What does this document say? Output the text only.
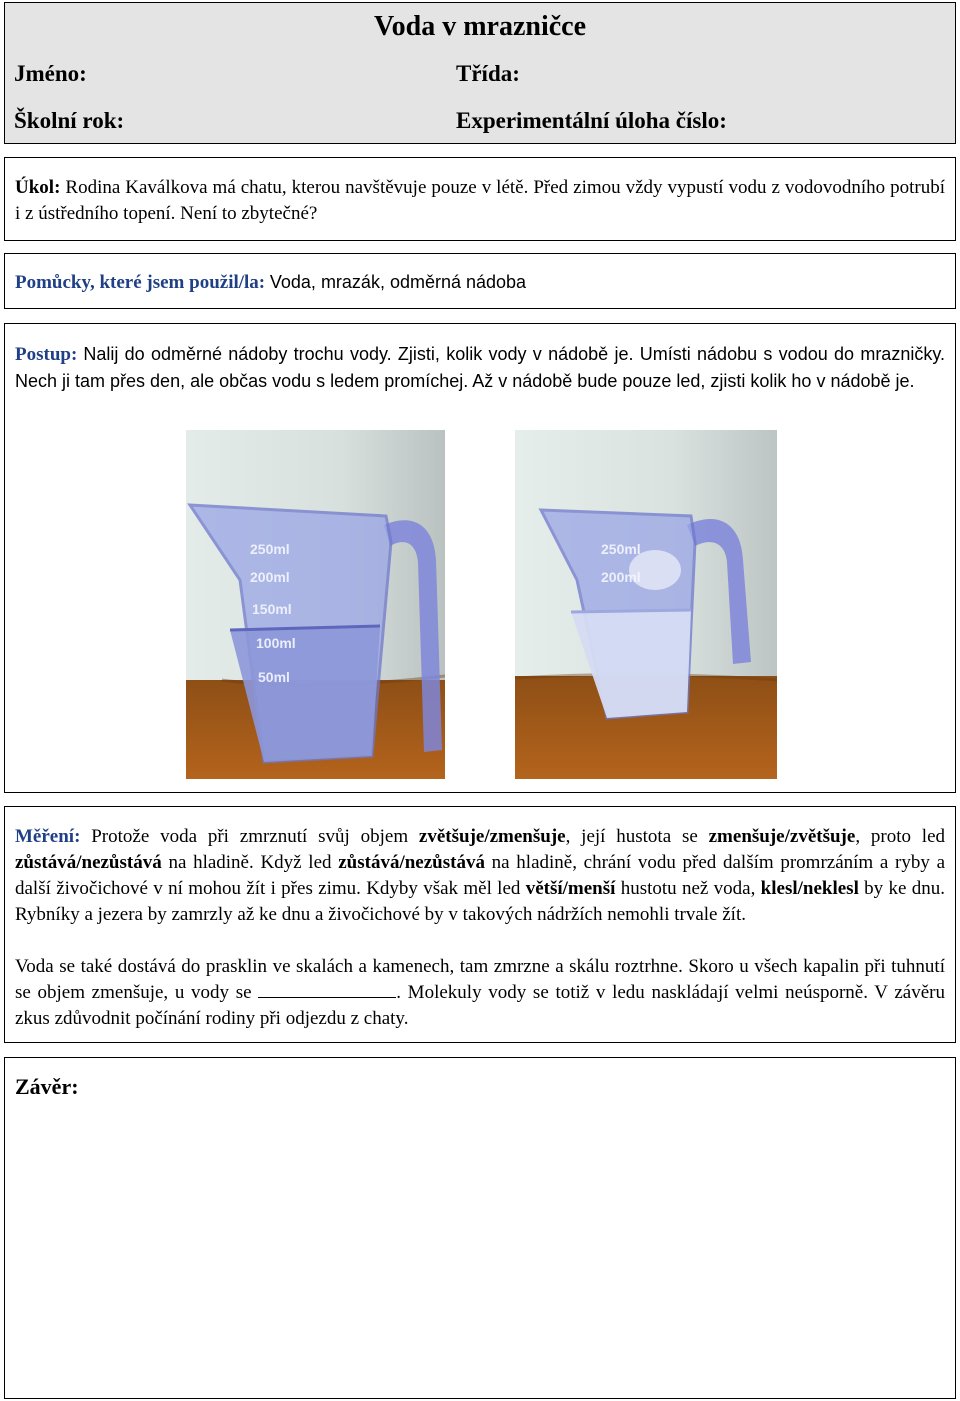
Voda v mrazničce
Jméno:	Třída:
Školní rok:	Experimentální úloha číslo:
Úkol: Rodina Kaválkova má chatu, kterou navštěvuje pouze v létě. Před zimou vždy vypustí vodu z vodovodního potrubí i z ústředního topení. Není to zbytečné?
Pomůcky, které jsem použil/la: Voda, mrazák, odměrná nádoba
Postup: Nalij do odměrné nádoby trochu vody. Zjisti, kolik vody v nádobě je. Umísti nádobu s vodou do mrazničky. Nech ji tam přes den, ale občas vodu s ledem promíchej. Až v nádobě bude pouze led, zjisti kolik ho v nádobě je.
250ml
200ml
150ml
100ml
50ml
250ml
200ml
Měření: Protože voda při zmrznutí svůj objem zvětšuje/zmenšuje, její hustota se zmenšuje/zvětšuje, proto led zůstává/nezůstává na hladině. Když led zůstává/nezůstává na hladině, chrání vodu před dalším promrzáním a ryby a další živočichové v ní mohou žít i přes zimu. Kdyby však měl led větší/menší hustotu než voda, klesl/neklesl by ke dnu. Rybníky a jezera by zamrzly až ke dnu a živočichové by v takových nádržích nemohli trvale žít.
Voda se také dostává do prasklin ve skalách a kamenech, tam zmrzne a skálu roztrhne. Skoro u všech kapalin při tuhnutí se objem zmenšuje, u vody se	. Molekuly vody se totiž v ledu naskládají velmi neúsporně. V závěru zkus zdůvodnit počínání rodiny při odjezdu z chaty.
Závěr:
